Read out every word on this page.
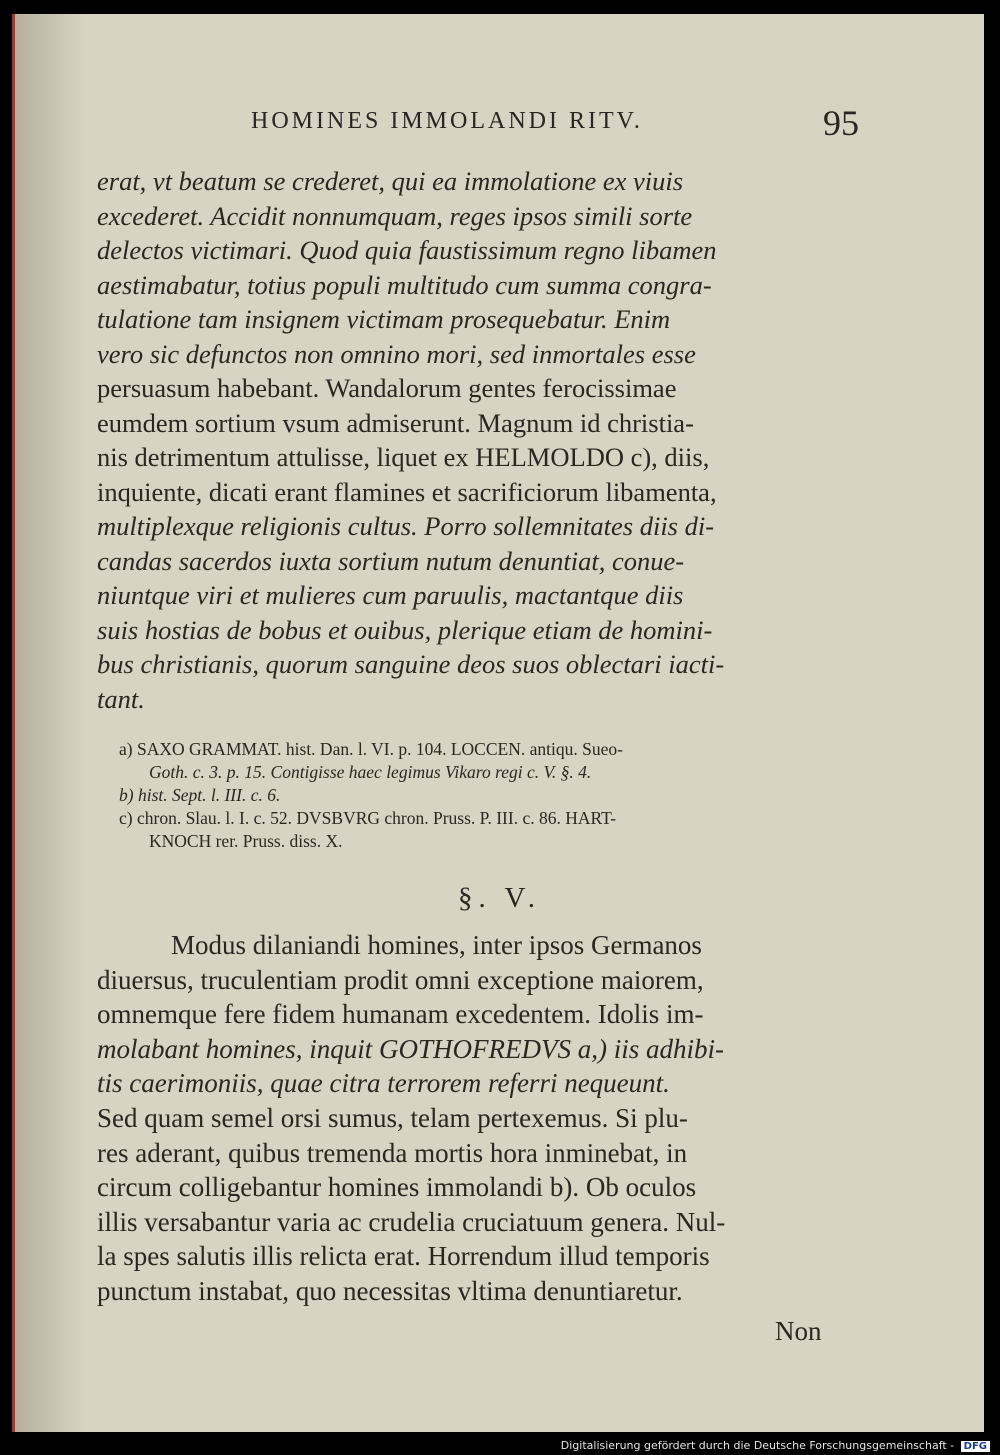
HOMINES IMMOLANDI RITV.	95
erat, vt beatum se crederet, qui ea immolatione ex viuis
excederet. Accidit nonnumquam, reges ipsos simili sorte
delectos victimari. Quod quia faustissimum regno libamen
aestimabatur, totius populi multitudo cum summa congra-
tulatione tam insignem victimam prosequebatur. Enim
vero sic defunctos non omnino mori, sed inmortales esse
persuasum habebant. Wandalorum gentes ferocissimae
eumdem sortium vsum admiserunt. Magnum id christia-
nis detrimentum attulisse, liquet ex HELMOLDO c), diis,
inquiente, dicati erant flamines et sacrificiorum libamenta,
multiplexque religionis cultus. Porro sollemnitates diis di-
candas sacerdos iuxta sortium nutum denuntiat, conue-
niuntque viri et mulieres cum paruulis, mactantque diis
suis hostias de bobus et ouibus, plerique etiam de homini-
bus christianis, quorum sanguine deos suos oblectari iacti-
tant.
a) SAXO GRAMMAT. hist. Dan. l. VI. p. 104. LOCCEN. antiqu. Sueo-
Goth. c. 3. p. 15. Contigisse haec legimus Vikaro regi c. V. §. 4.
b) hist. Sept. l. III. c. 6.
c) chron. Slau. l. I. c. 52. DVSBVRG chron. Pruss. P. III. c. 86. HART-
KNOCH rer. Pruss. diss. X.
§. V.
Modus dilaniandi homines, inter ipsos Germanos
diuersus, truculentiam prodit omni exceptione maiorem,
omnemque fere fidem humanam excedentem. Idolis im-
molabant homines, inquit GOTHOFREDVS a,) iis adhibi-
tis caerimoniis, quae citra terrorem referri nequeunt.
Sed quam semel orsi sumus, telam pertexemus. Si plu-
res aderant, quibus tremenda mortis hora inminebat, in
circum colligebantur homines immolandi b). Ob oculos
illis versabantur varia ac crudelia cruciatuum genera. Nul-
la spes salutis illis relicta erat. Horrendum illud temporis
punctum instabat, quo necessitas vltima denuntiaretur.
Non
Digitalisierung gefördert durch die Deutsche Forschungsgemeinschaft - DFG
